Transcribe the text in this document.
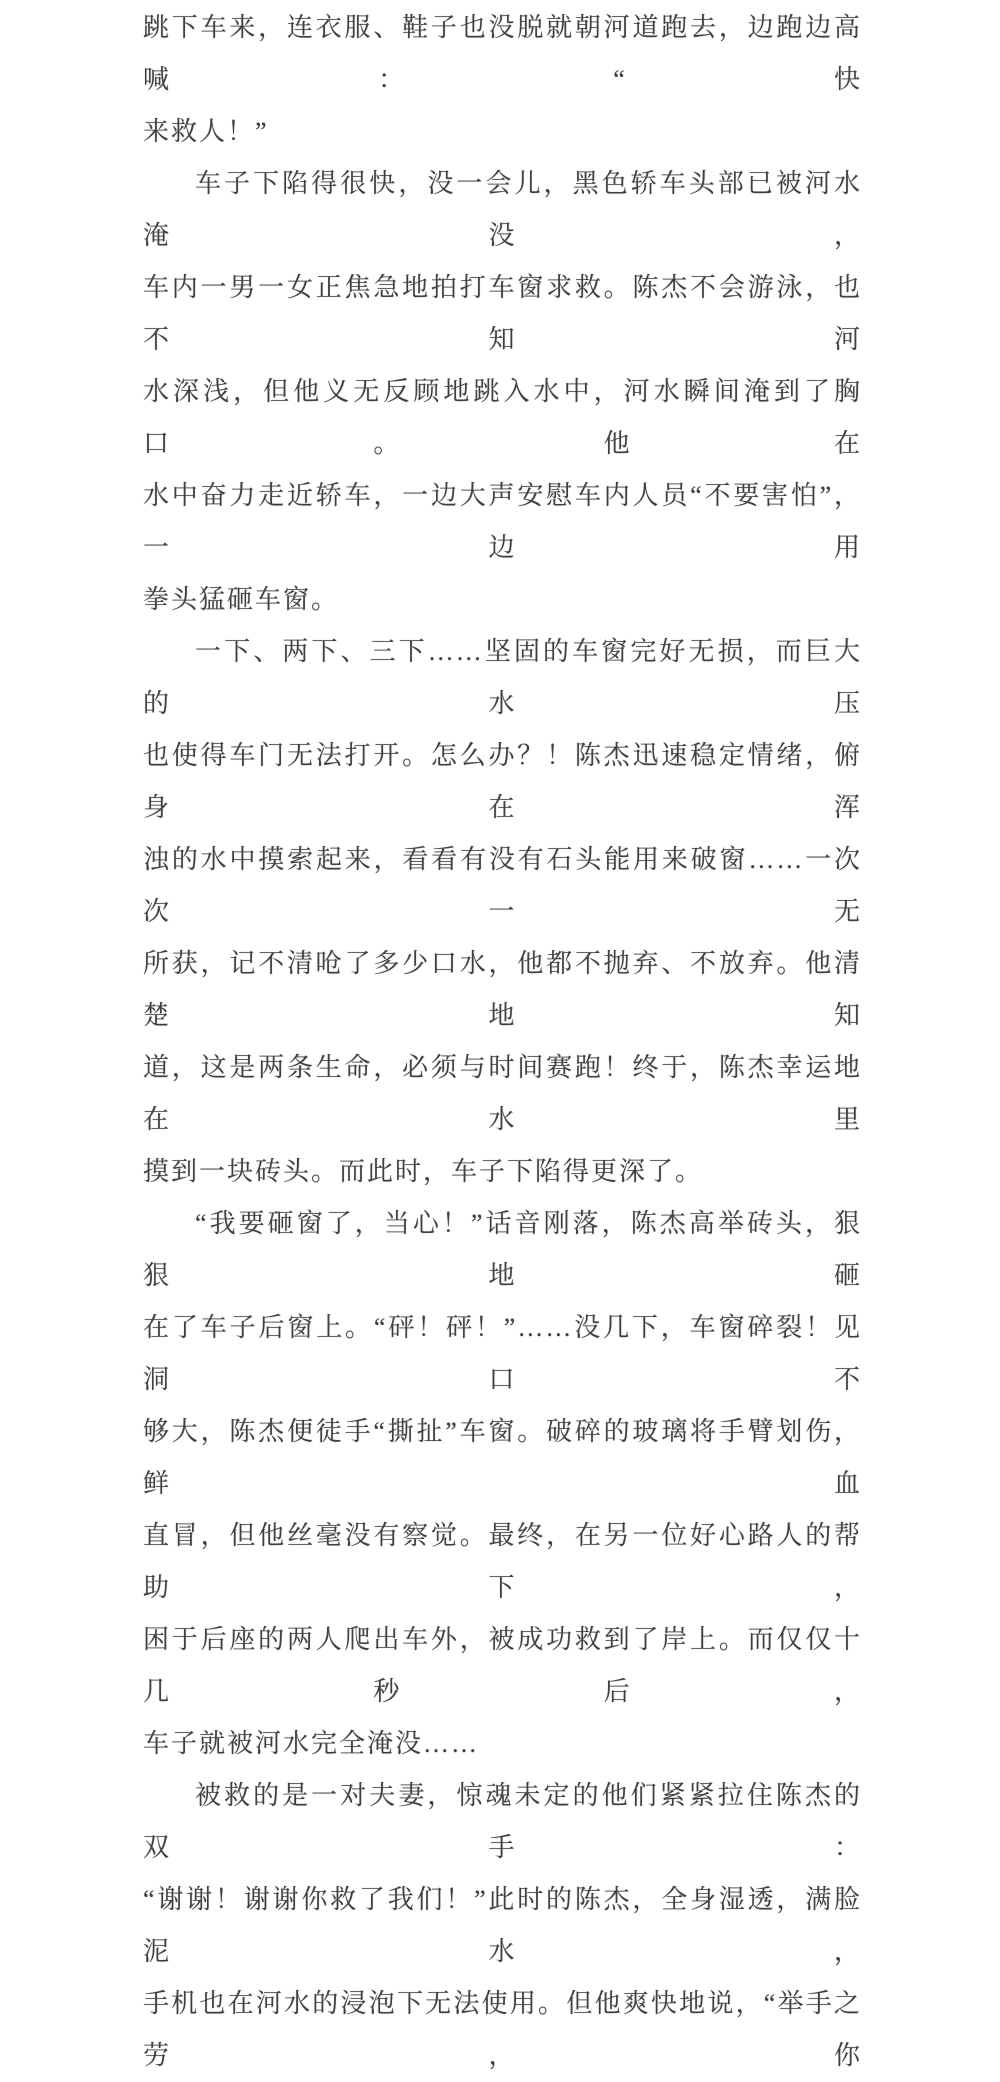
跳下车来，连衣服、鞋子也没脱就朝河道跑去，边跑边高喊：“快
来救人！”
车子下陷得很快，没一会儿，黑色轿车头部已被河水淹没，
车内一男一女正焦急地拍打车窗求救。陈杰不会游泳，也不知河
水深浅，但他义无反顾地跳入水中，河水瞬间淹到了胸口。他在
水中奋力走近轿车，一边大声安慰车内人员“不要害怕”，一边用
拳头猛砸车窗。
一下、两下、三下……坚固的车窗完好无损，而巨大的水压
也使得车门无法打开。怎么办？！陈杰迅速稳定情绪，俯身在浑
浊的水中摸索起来，看看有没有石头能用来破窗……一次次一无
所获，记不清呛了多少口水，他都不抛弃、不放弃。他清楚地知
道，这是两条生命，必须与时间赛跑！终于，陈杰幸运地在水里
摸到一块砖头。而此时，车子下陷得更深了。
“我要砸窗了，当心！”话音刚落，陈杰高举砖头，狠狠地砸
在了车子后窗上。“砰！砰！”……没几下，车窗碎裂！见洞口不
够大，陈杰便徒手“撕扯”车窗。破碎的玻璃将手臂划伤，鲜血
直冒，但他丝毫没有察觉。最终，在另一位好心路人的帮助下，
困于后座的两人爬出车外，被成功救到了岸上。而仅仅十几秒后，
车子就被河水完全淹没……
被救的是一对夫妻，惊魂未定的他们紧紧拉住陈杰的双手：
“谢谢！谢谢你救了我们！”此时的陈杰，全身湿透，满脸泥水，
手机也在河水的浸泡下无法使用。但他爽快地说，“举手之劳，你
